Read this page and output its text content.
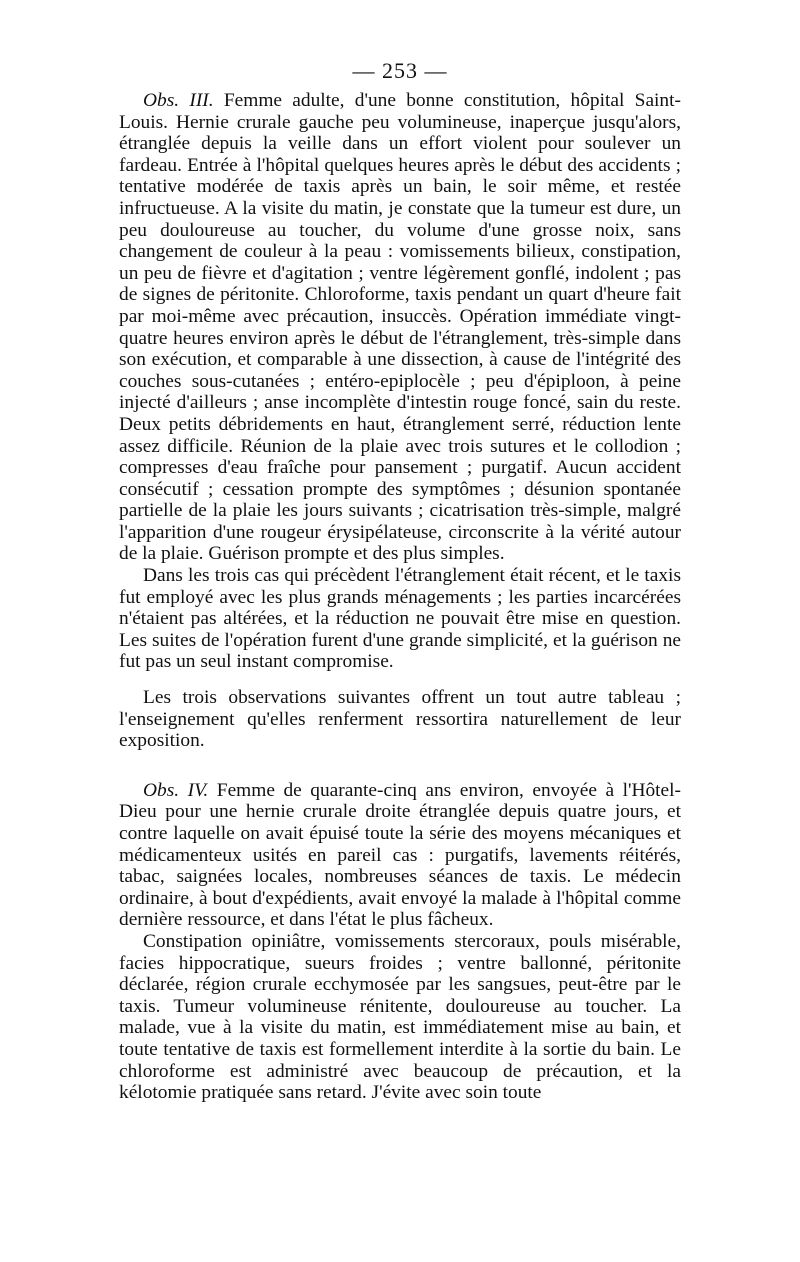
— 253 —

Obs. III. Femme adulte, d'une bonne constitution, hôpital Saint-Louis. Hernie crurale gauche peu volumineuse, inaperçue jusqu'alors, étranglée depuis la veille dans un effort violent pour soulever un fardeau. Entrée à l'hôpital quelques heures après le début des accidents ; tentative modérée de taxis après un bain, le soir même, et restée infructueuse. A la visite du matin, je constate que la tumeur est dure, un peu douloureuse au toucher, du volume d'une grosse noix, sans changement de couleur à la peau : vomissements bilieux, constipation, un peu de fièvre et d'agitation ; ventre légèrement gonflé, indolent ; pas de signes de péritonite. Chloroforme, taxis pendant un quart d'heure fait par moi-même avec précaution, insuccès. Opération immédiate vingt-quatre heures environ après le début de l'étranglement, très-simple dans son exécution, et comparable à une dissection, à cause de l'intégrité des couches sous-cutanées ; entéro-epiplocèle ; peu d'épiploon, à peine injecté d'ailleurs ; anse incomplète d'intestin rouge foncé, sain du reste. Deux petits débridements en haut, étranglement serré, réduction lente assez difficile. Réunion de la plaie avec trois sutures et le collodion ; compresses d'eau fraîche pour pansement ; purgatif. Aucun accident consécutif ; cessation prompte des symptômes ; désunion spontanée partielle de la plaie les jours suivants ; cicatrisation très-simple, malgré l'apparition d'une rougeur érysipélateuse, circonscrite à la vérité autour de la plaie. Guérison prompte et des plus simples.

Dans les trois cas qui précèdent l'étranglement était récent, et le taxis fut employé avec les plus grands ménagements ; les parties incarcérées n'étaient pas altérées, et la réduction ne pouvait être mise en question. Les suites de l'opération furent d'une grande simplicité, et la guérison ne fut pas un seul instant compromise.

Les trois observations suivantes offrent un tout autre tableau ; l'enseignement qu'elles renferment ressortira naturellement de leur exposition.

Obs. IV. Femme de quarante-cinq ans environ, envoyée à l'Hôtel-Dieu pour une hernie crurale droite étranglée depuis quatre jours, et contre laquelle on avait épuisé toute la série des moyens mécaniques et médicamenteux usités en pareil cas : purgatifs, lavements réitérés, tabac, saignées locales, nombreuses séances de taxis. Le médecin ordinaire, à bout d'expédients, avait envoyé la malade à l'hôpital comme dernière ressource, et dans l'état le plus fâcheux.

Constipation opiniâtre, vomissements stercoraux, pouls misérable, facies hippocratique, sueurs froides ; ventre ballonné, péritonite déclarée, région crurale ecchymosée par les sangsues, peut-être par le taxis. Tumeur volumineuse rénitente, douloureuse au toucher. La malade, vue à la visite du matin, est immédiatement mise au bain, et toute tentative de taxis est formellement interdite à la sortie du bain. Le chloroforme est administré avec beaucoup de précaution, et la kélotomie pratiquée sans retard. J'évite avec soin toute
